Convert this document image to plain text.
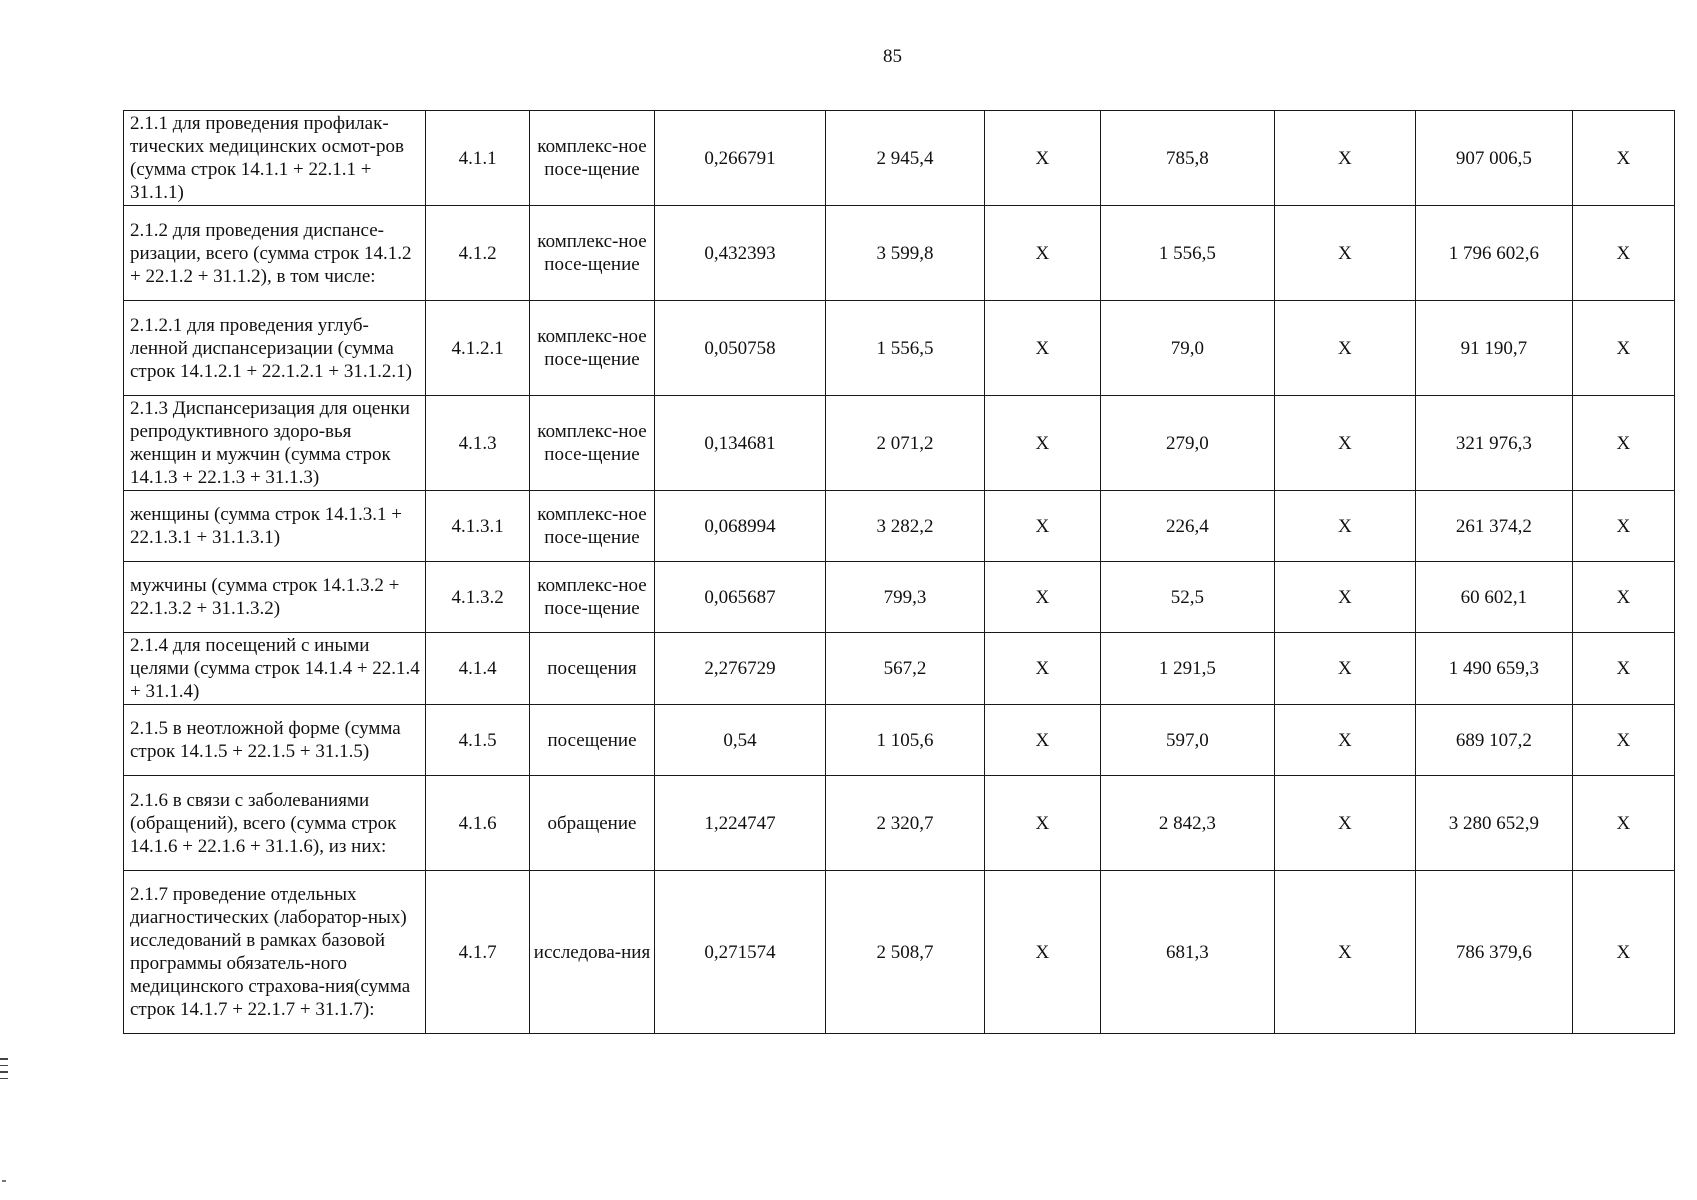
85
2.1.1 для проведения профилак-тических медицинских осмот-ров (сумма строк 14.1.1 + 22.1.1 + 31.1.1)	4.1.1	комплекс-ное посе-щение	0,266791	2 945,4	X	785,8	X	907 006,5	X
2.1.2 для проведения диспансе-ризации, всего (сумма строк 14.1.2 + 22.1.2 + 31.1.2), в том числе:	4.1.2	комплекс-ное посе-щение	0,432393	3 599,8	X	1 556,5	X	1 796 602,6	X
2.1.2.1 для проведения углуб-ленной диспансеризации (сумма строк 14.1.2.1 + 22.1.2.1 + 31.1.2.1)	4.1.2.1	комплекс-ное посе-щение	0,050758	1 556,5	X	79,0	X	91 190,7	X
2.1.3 Диспансеризация для оценки репродуктивного здоро-вья женщин и мужчин (сумма строк 14.1.3 + 22.1.3 + 31.1.3)	4.1.3	комплекс-ное посе-щение	0,134681	2 071,2	X	279,0	X	321 976,3	X
женщины (сумма строк 14.1.3.1 + 22.1.3.1 + 31.1.3.1)	4.1.3.1	комплекс-ное посе-щение	0,068994	3 282,2	X	226,4	X	261 374,2	X
мужчины (сумма строк 14.1.3.2 + 22.1.3.2 + 31.1.3.2)	4.1.3.2	комплекс-ное посе-щение	0,065687	799,3	X	52,5	X	60 602,1	X
2.1.4 для посещений с иными целями (сумма строк 14.1.4 + 22.1.4 + 31.1.4)	4.1.4	посещения	2,276729	567,2	X	1 291,5	X	1 490 659,3	X
2.1.5 в неотложной форме (сумма строк 14.1.5 + 22.1.5 + 31.1.5)	4.1.5	посещение	0,54	1 105,6	X	597,0	X	689 107,2	X
2.1.6 в связи с заболеваниями (обращений), всего (сумма строк 14.1.6 + 22.1.6 + 31.1.6), из них:	4.1.6	обращение	1,224747	2 320,7	X	2 842,3	X	3 280 652,9	X
2.1.7 проведение отдельных диагностических (лаборатор-ных) исследований в рамках базовой программы обязатель-ного медицинского страхова-ния(сумма строк 14.1.7 + 22.1.7 + 31.1.7):	4.1.7	исследова-ния	0,271574	2 508,7	X	681,3	X	786 379,6	X
